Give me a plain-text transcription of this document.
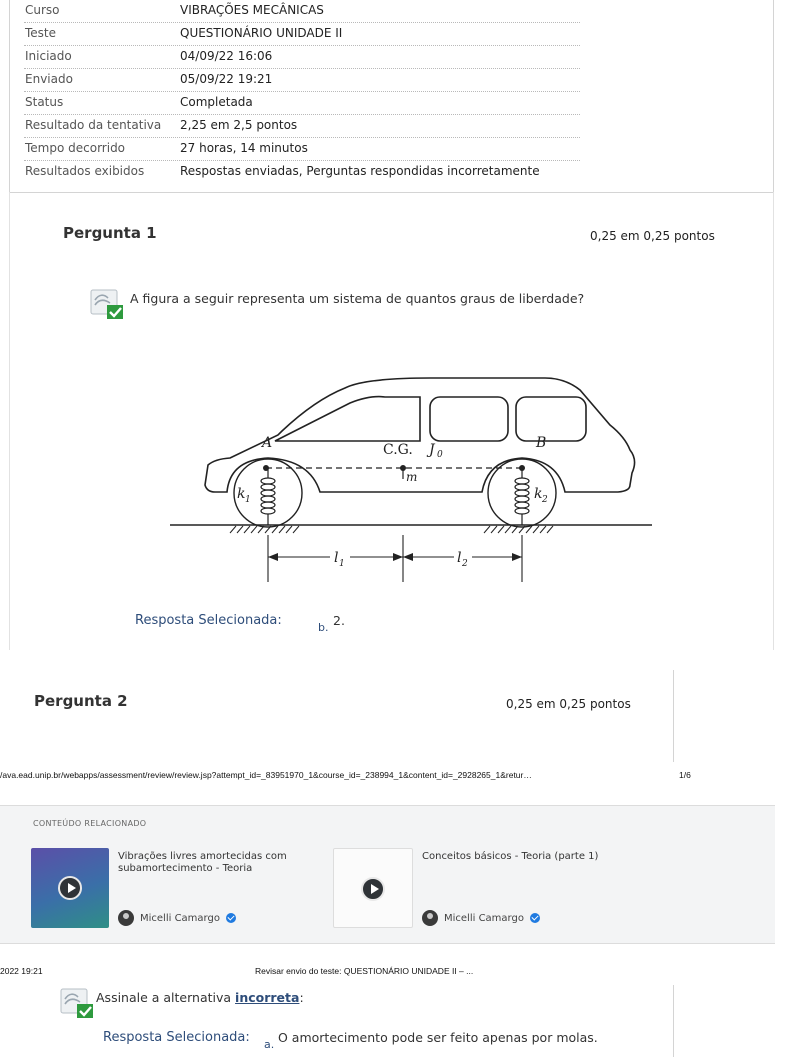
Curso	VIBRAÇÕES MECÂNICAS
Teste	QUESTIONÁRIO UNIDADE II
Iniciado	04/09/22 16:06
Enviado	05/09/22 19:21
Status	Completada
Resultado da tentativa 2,25 em 2,5 pontos
Tempo decorrido	27 horas, 14 minutos
Resultados exibidos	Respostas enviadas, Perguntas respondidas incorretamente
Pergunta 1	0,25 em 0,25 pontos
A figura a seguir representa um sistema de quantos graus de liberdade?
A	C.G. J 0
B
m
k 1	k 2
l 1	l 2
Resposta Selecionada:	b. 2.
Pergunta 2	0,25 em 0,25 pontos
/ava.ead.unip.br/webapps/assessment/review/review.jsp?attempt_id=_83951970_1&course_id=_238994_1&content_id=_2928265_1&retur…	1/6
CONTEÚDO RELACIONADO
Vibrações livres amortecidas com subamortecimento - Teoria
Micelli Camargo
Conceitos básicos - Teoria (parte 1)
Micelli Camargo
2022 19:21	Revisar envio do teste: QUESTIONÁRIO UNIDADE II – ...
Assinale a alternativa incorreta:
Resposta Selecionada: a. O amortecimento pode ser feito apenas por molas.
